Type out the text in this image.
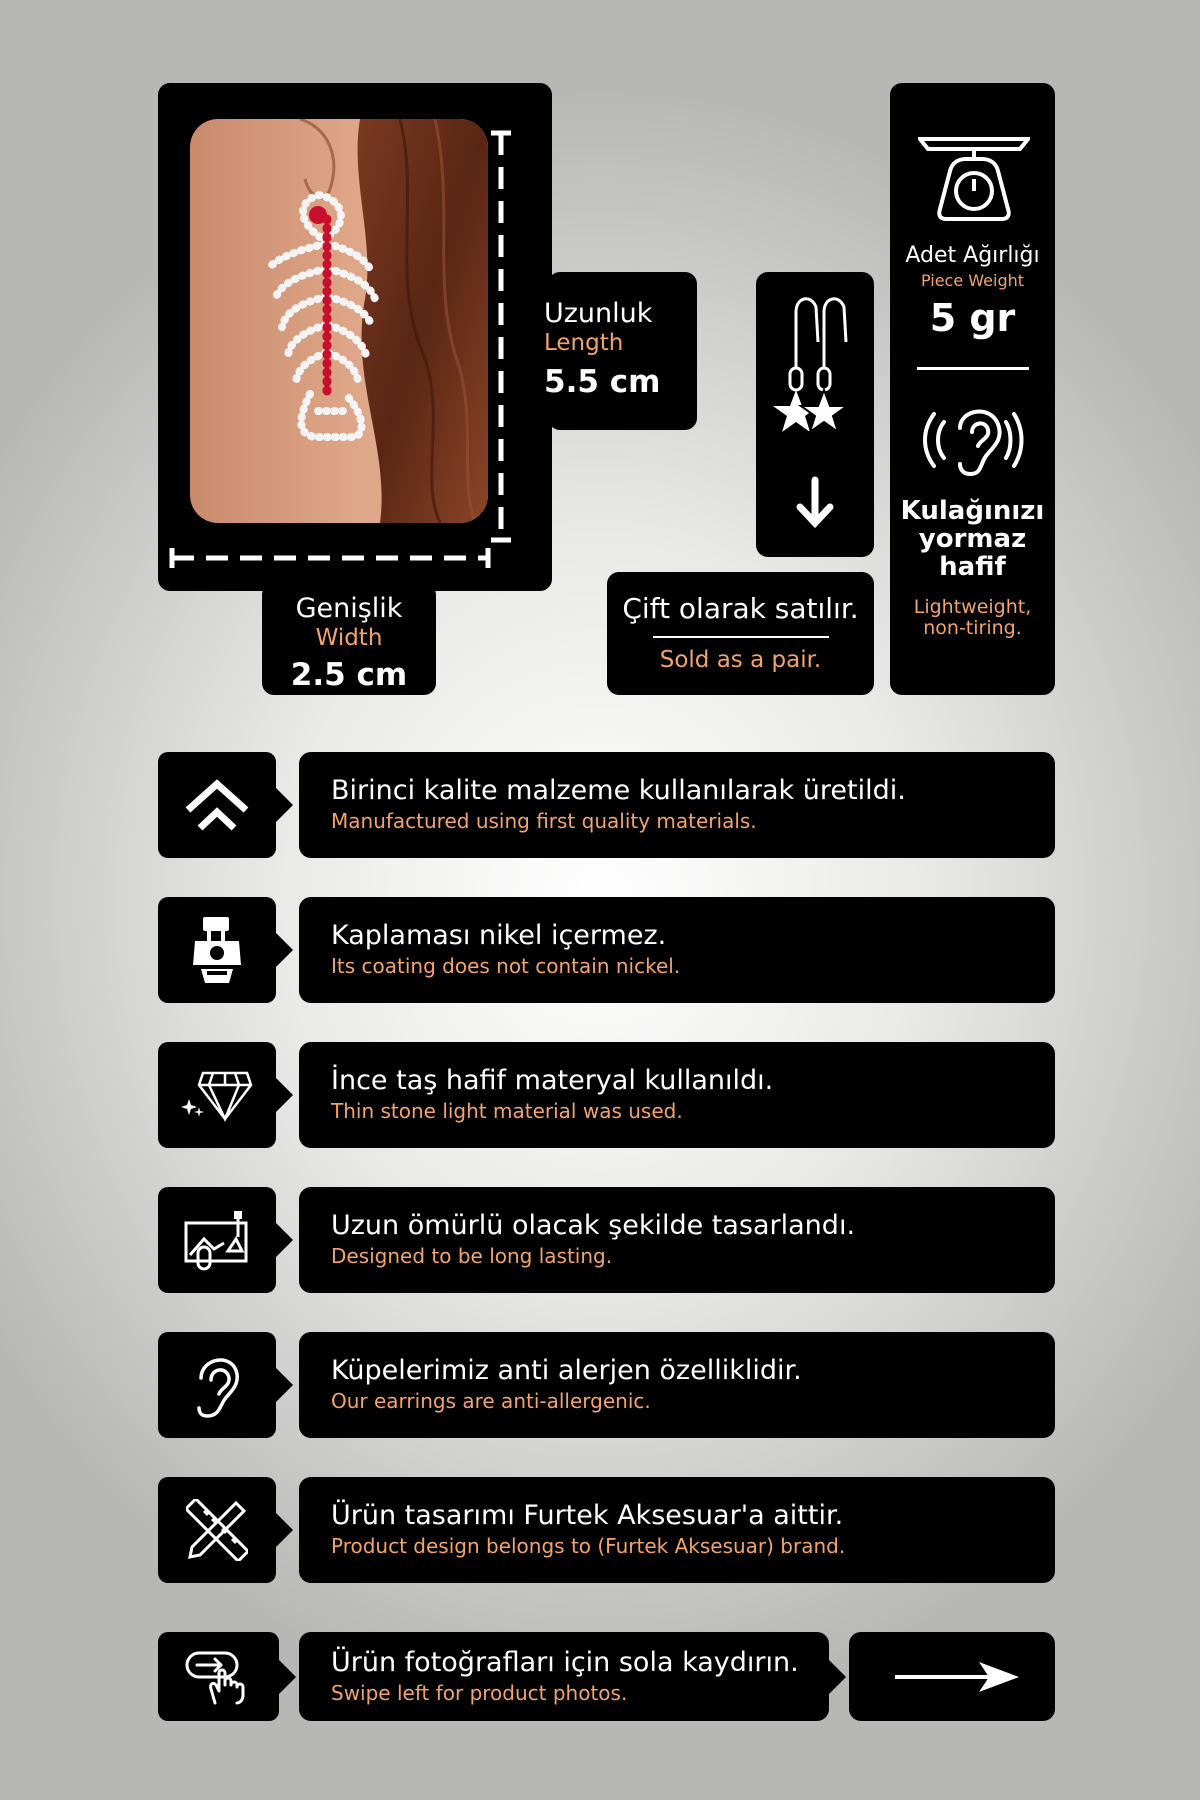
Uzunluk
Length
5.5 cm
Genişlik
Width
2.5 cm
Çift olarak satılır.
Sold as a pair.
Adet Ağırlığı
Piece Weight
5 gr
Kulağınızı yormaz hafif
Lightweight, non-tiring.
Birinci kalite malzeme kullanılarak üretildi.
Manufactured using first quality materials.
Kaplaması nikel içermez.
Its coating does not contain nickel.
İnce taş hafif materyal kullanıldı.
Thin stone light material was used.
Uzun ömürlü olacak şekilde tasarlandı.
Designed to be long lasting.
Küpelerimiz anti alerjen özelliklidir.
Our earrings are anti-allergenic.
Ürün tasarımı Furtek Aksesuar'a aittir.
Product design belongs to (Furtek Aksesuar) brand.
Ürün fotoğrafları için sola kaydırın.
Swipe left for product photos.
